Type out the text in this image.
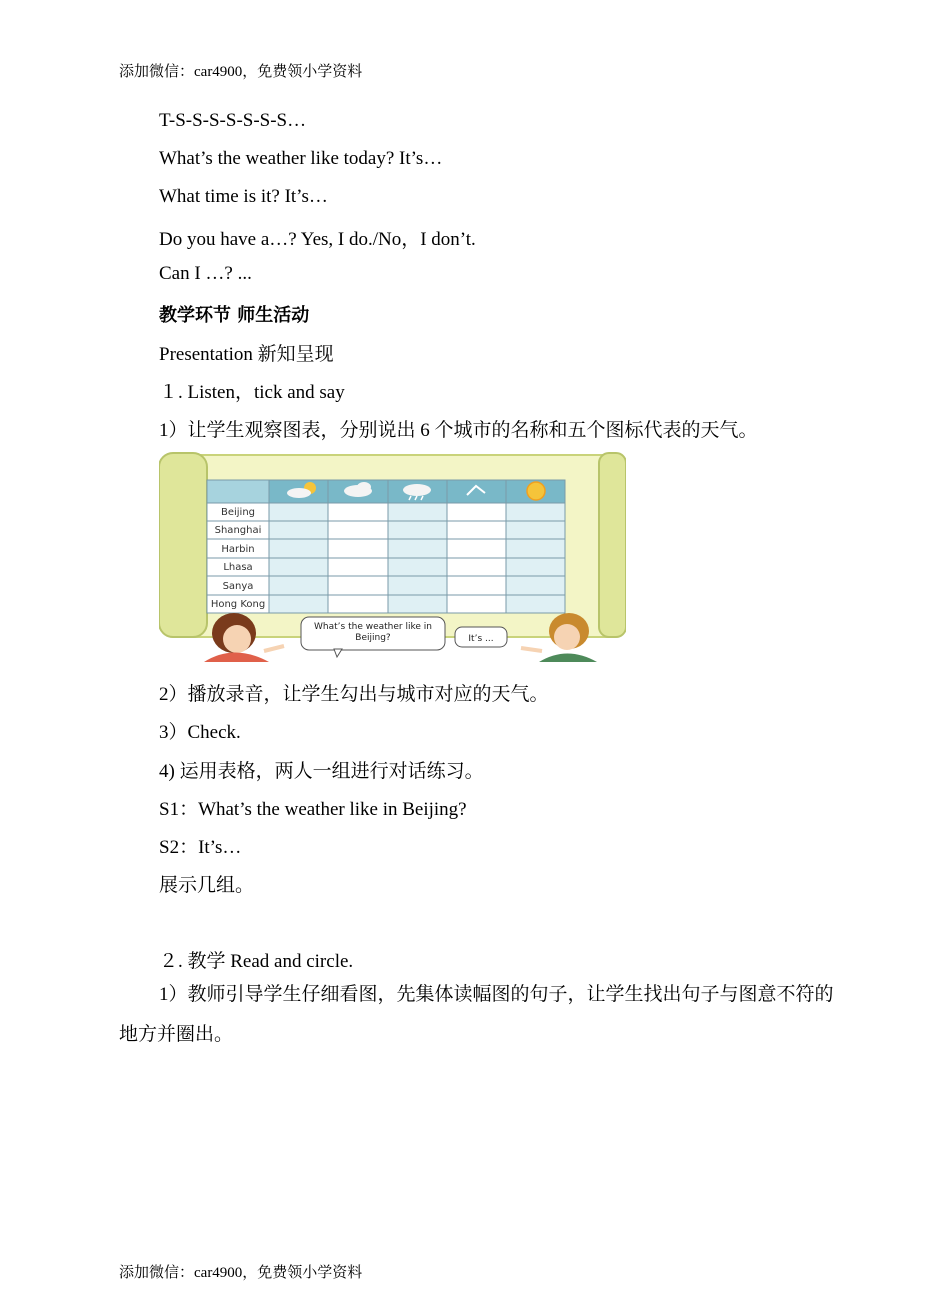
添加微信：car4900，免费领小学资料
T-S-S-S-S-S-S-S…
What’s the weather like today? It’s…
What time is it? It’s…
Do you have a…? Yes, I do./No，I don’t.
Can I …? ...
教学环节 师生活动
Presentation 新知呈现
１. Listen，tick and say
1）让学生观察图表，分别说出 6 个城市的名称和五个图标代表的天气。
Beijing
Shanghai
Harbin
Lhasa
Sanya
Hong Kong
What’s the weather like in Beijing?	It’s ...
2）播放录音，让学生勾出与城市对应的天气。
3）Check.
4) 运用表格，两人一组进行对话练习。
S1：What’s the weather like in Beijing?
S2：It’s…
展示几组。
２. 教学 Read and circle.
1）教师引导学生仔细看图，先集体读幅图的句子，让学生找出句子与图意不符的地方并圈出。
添加微信：car4900，免费领小学资料
